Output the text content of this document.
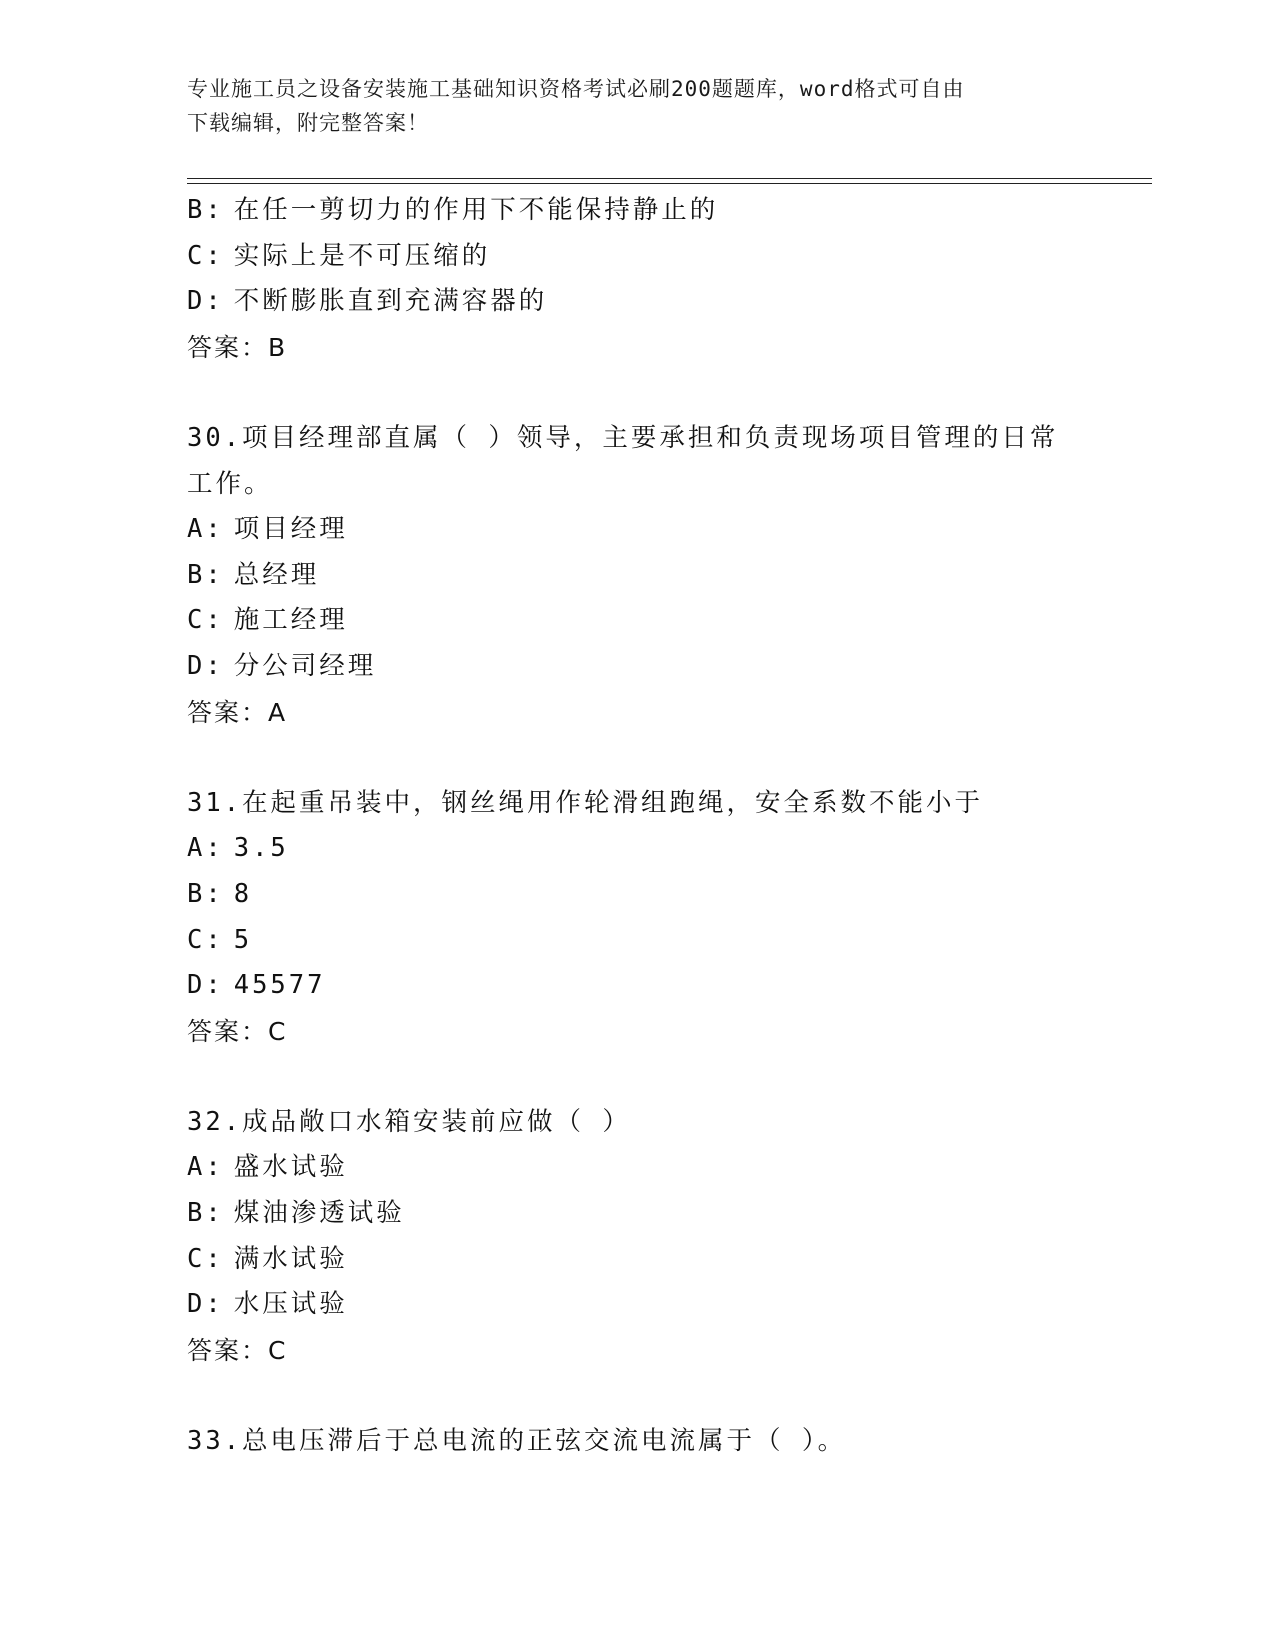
专业施工员之设备安装施工基础知识资格考试必刷200题题库，word格式可自由
下载编辑，附完整答案！
B: 在任一剪切力的作用下不能保持静止的
C: 实际上是不可压缩的
D: 不断膨胀直到充满容器的
答案：B
30.项目经理部直属（ ）领导，主要承担和负责现场项目管理的日常
工作。
A: 项目经理
B: 总经理
C: 施工经理
D: 分公司经理
答案：A
31.在起重吊装中，钢丝绳用作轮滑组跑绳，安全系数不能小于
A: 3.5
B: 8
C: 5
D: 45577
答案：C
32.成品敞口水箱安装前应做（ ）
A: 盛水试验
B: 煤油渗透试验
C: 满水试验
D: 水压试验
答案：C
33.总电压滞后于总电流的正弦交流电流属于（ ）。
